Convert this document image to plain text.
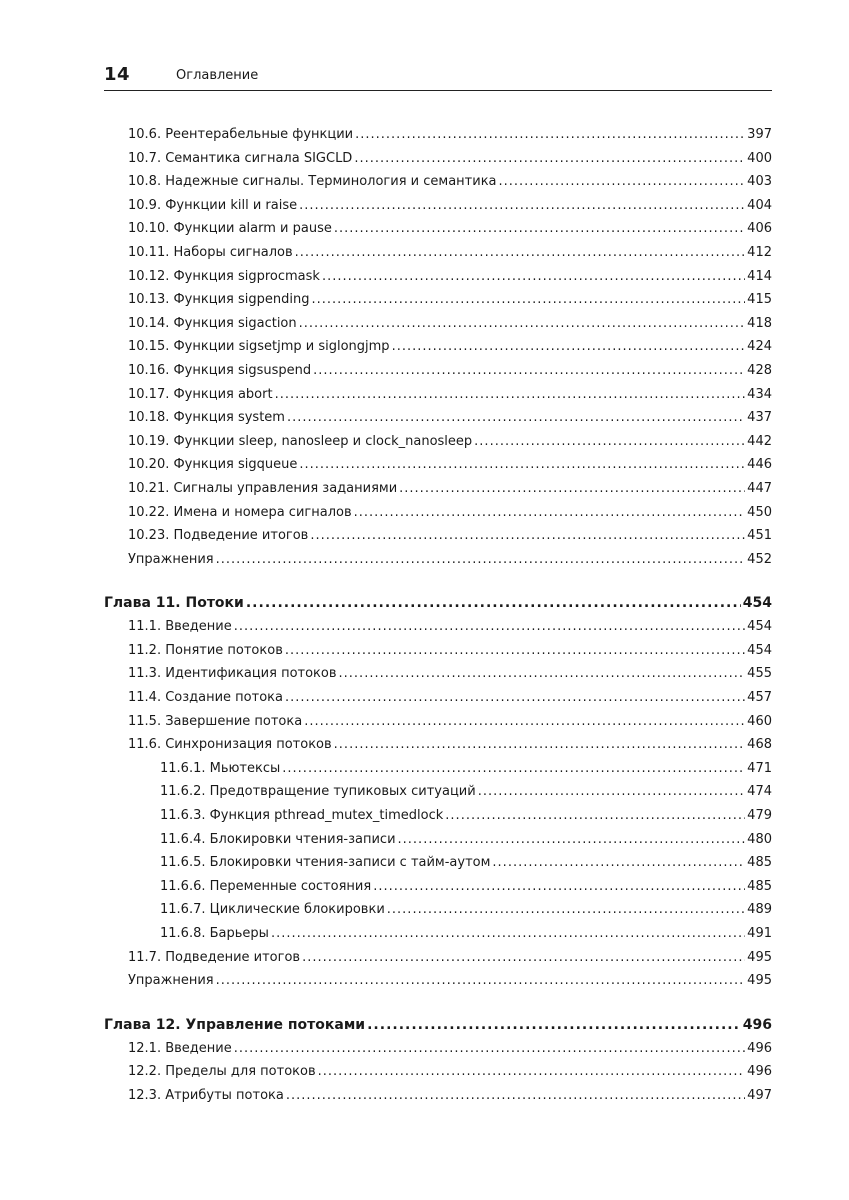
14	Оглавление
10.6. Реентерабельные функции .....	397
10.7. Семантика сигнала SIGCLD .....	400
10.8. Надежные сигналы. Терминология и семантика .....	403
10.9. Функции kill и raise .....	404
10.10. Функции alarm и pause .....	406
10.11. Наборы сигналов .....	412
10.12. Функция sigprocmask .....	414
10.13. Функция sigpending .....	415
10.14. Функция sigaction .....	418
10.15. Функции sigsetjmp и siglongjmp .....	424
10.16. Функция sigsuspend .....	428
10.17. Функция abort .....	434
10.18. Функция system .....	437
10.19. Функции sleep, nanosleep и clock_nanosleep .....	442
10.20. Функция sigqueue .....	446
10.21. Сигналы управления заданиями .....	447
10.22. Имена и номера сигналов .....	450
10.23. Подведение итогов .....	451
Упражнения .....	452
Глава 11. Потоки .....	454
11.1. Введение .....	454
11.2. Понятие потоков .....	454
11.3. Идентификация потоков .....	455
11.4. Создание потока .....	457
11.5. Завершение потока .....	460
11.6. Синхронизация потоков .....	468
11.6.1. Мьютексы .....	471
11.6.2. Предотвращение тупиковых ситуаций .....	474
11.6.3. Функция pthread_mutex_timedlock .....	479
11.6.4. Блокировки чтения-записи .....	480
11.6.5. Блокировки чтения-записи с тайм-аутом .....	485
11.6.6. Переменные состояния .....	485
11.6.7. Циклические блокировки .....	489
11.6.8. Барьеры .....	491
11.7. Подведение итогов .....	495
Упражнения .....	495
Глава 12. Управление потоками .....	496
12.1. Введение .....	496
12.2. Пределы для потоков .....	496
12.3. Атрибуты потока .....	497
